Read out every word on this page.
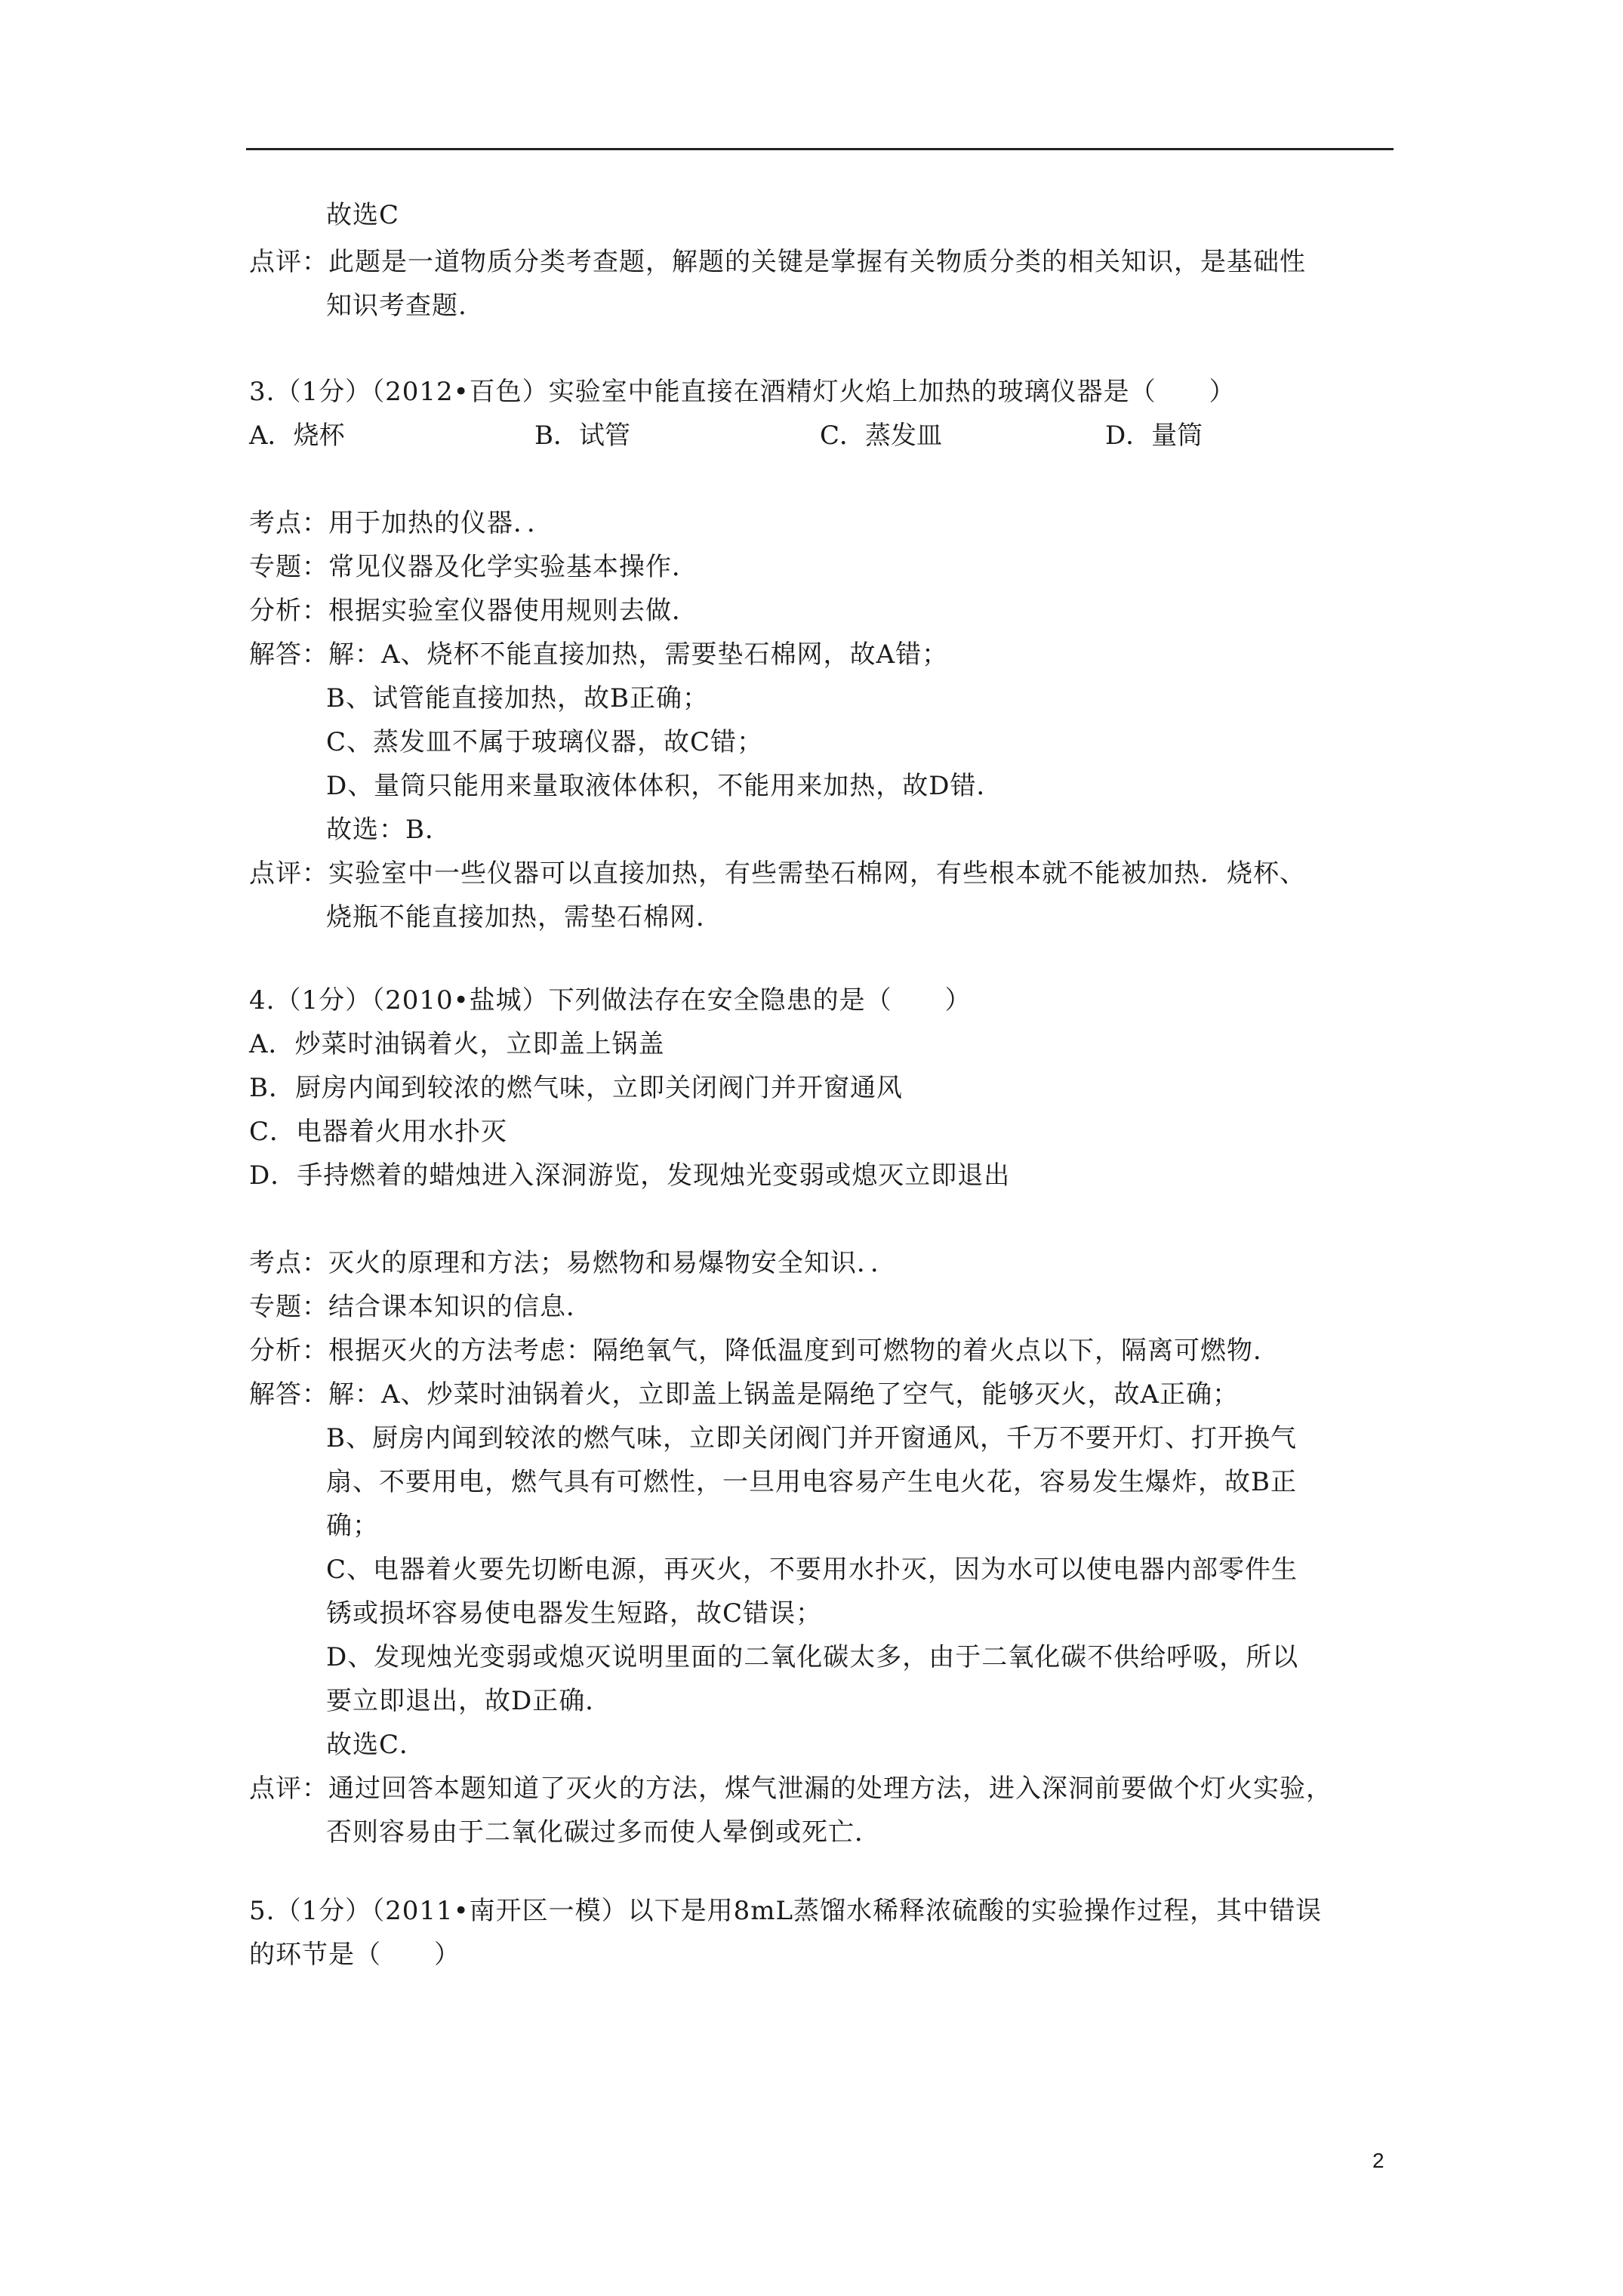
故选C
点评：此题是一道物质分类考查题，解题的关键是掌握有关物质分类的相关知识，是基础性
知识考查题.
3.（1分）（2012•百色）实验室中能直接在酒精灯火焰上加热的玻璃仪器是（　　）
A．烧杯	B．试管	C．蒸发皿	D．量筒
考点：用于加热的仪器．．
专题：常见仪器及化学实验基本操作．
分析：根据实验室仪器使用规则去做．
解答：解：A、烧杯不能直接加热，需要垫石棉网，故A错；
B、试管能直接加热，故B正确；
C、蒸发皿不属于玻璃仪器，故C错；
D、量筒只能用来量取液体体积，不能用来加热，故D错．
故选：B．
点评：实验室中一些仪器可以直接加热，有些需垫石棉网，有些根本就不能被加热．烧杯、
烧瓶不能直接加热，需垫石棉网．
4.（1分）（2010•盐城）下列做法存在安全隐患的是（　　）
A．炒菜时油锅着火，立即盖上锅盖
B．厨房内闻到较浓的燃气味，立即关闭阀门并开窗通风
C．电器着火用水扑灭
D．手持燃着的蜡烛进入深洞游览，发现烛光变弱或熄灭立即退出
考点：灭火的原理和方法；易燃物和易爆物安全知识．．
专题：结合课本知识的信息．
分析：根据灭火的方法考虑：隔绝氧气，降低温度到可燃物的着火点以下，隔离可燃物．
解答：解：A、炒菜时油锅着火，立即盖上锅盖是隔绝了空气，能够灭火，故A正确；
B、厨房内闻到较浓的燃气味，立即关闭阀门并开窗通风，千万不要开灯、打开换气
扇、不要用电，燃气具有可燃性，一旦用电容易产生电火花，容易发生爆炸，故B正
确；
C、电器着火要先切断电源，再灭火，不要用水扑灭，因为水可以使电器内部零件生
锈或损坏容易使电器发生短路，故C错误；
D、发现烛光变弱或熄灭说明里面的二氧化碳太多，由于二氧化碳不供给呼吸，所以
要立即退出，故D正确．
故选C．
点评：通过回答本题知道了灭火的方法，煤气泄漏的处理方法，进入深洞前要做个灯火实验，
否则容易由于二氧化碳过多而使人晕倒或死亡．
5.（1分）（2011•南开区一模）以下是用8mL蒸馏水稀释浓硫酸的实验操作过程，其中错误
的环节是（　　）
2
